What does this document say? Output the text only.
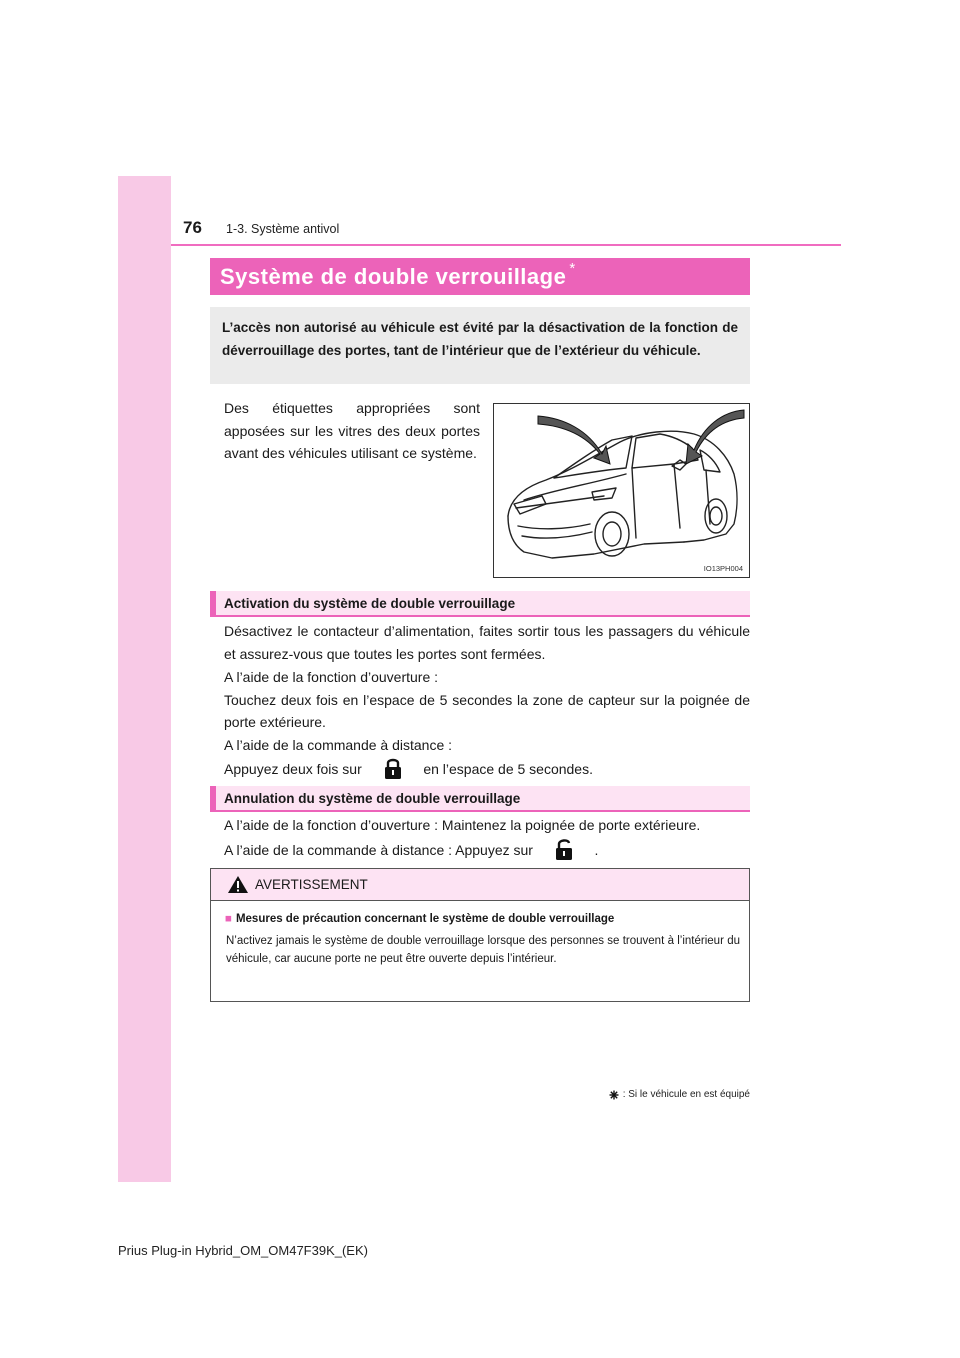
76 1-3. Système antivol
Système de double verrouillage *
L’accès non autorisé au véhicule est évité par la désactivation de la fonction de déverrouillage des portes, tant de l’intérieur que de l’extérieur du véhicule.
Des étiquettes appropriées sont apposées sur les vitres des deux portes avant des véhicules utilisant ce système.
IO13PH004
Activation du système de double verrouillage
Désactivez le contacteur d’alimentation, faites sortir tous les passagers du véhicule et assurez-vous que toutes les portes sont fermées.
A l’aide de la fonction d’ouverture :
Touchez deux fois en l’espace de 5 secondes la zone de capteur sur la poignée de porte extérieure.
A l’aide de la commande à distance :
Appuyez deux fois sur	en l’espace de 5 secondes.
Annulation du système de double verrouillage
A l’aide de la fonction d’ouverture : Maintenez la poignée de porte extérieure.
A l’aide de la commande à distance : Appuyez sur	.
AVERTISSEMENT
■ Mesures de précaution concernant le système de double verrouillage
N’activez jamais le système de double verrouillage lorsque des personnes se trouvent à l’intérieur du véhicule, car aucune porte ne peut être ouverte depuis l’intérieur.
: Si le véhicule en est équipé
Prius Plug-in Hybrid_OM_OM47F39K_(EK)
